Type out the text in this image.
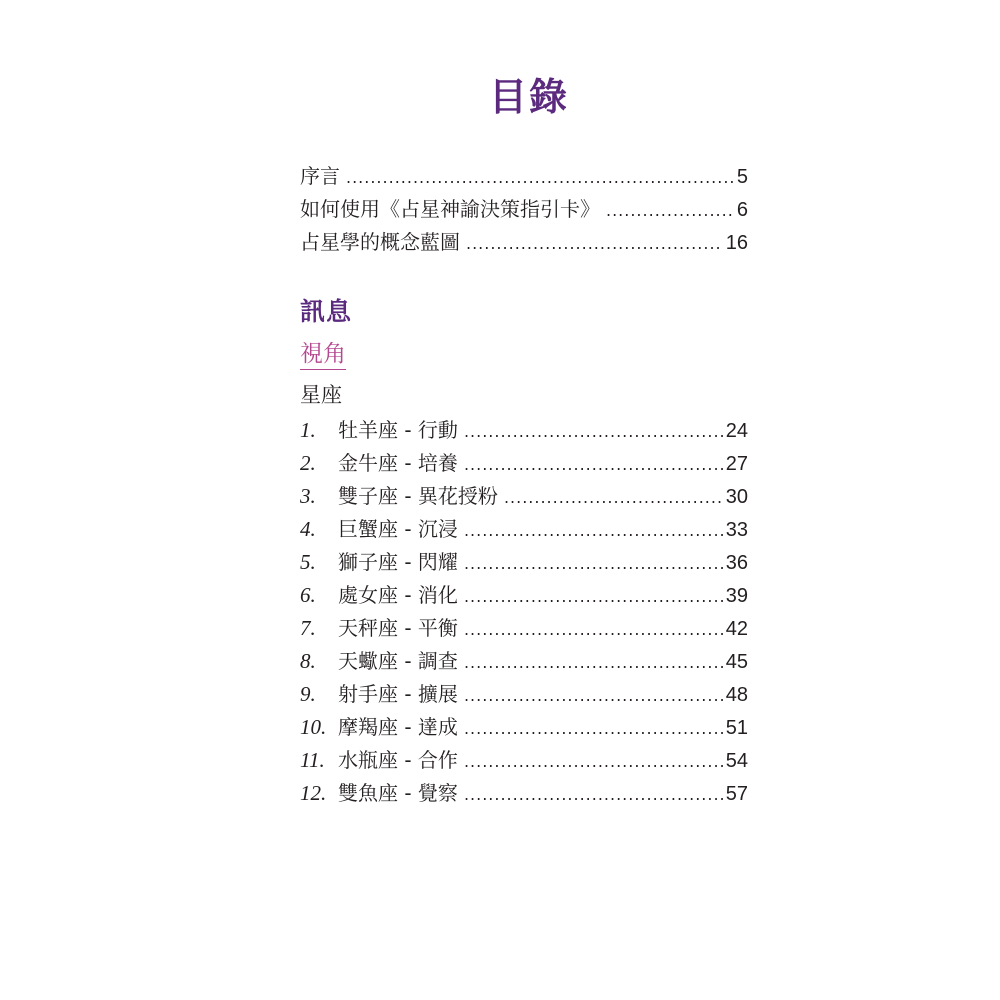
目錄
序言 .....	5
如何使用《占星神諭決策指引卡》 .....	6
占星學的概念藍圖 .....	16
訊息
視角
星座
1.	牡羊座 - 行動 .....	24
2.	金牛座 - 培養 .....	27
3.	雙子座 - 異花授粉 .....	30
4.	巨蟹座 - 沉浸 .....	33
5.	獅子座 - 閃耀 .....	36
6.	處女座 - 消化 .....	39
7.	天秤座 - 平衡 .....	42
8.	天蠍座 - 調查 .....	45
9.	射手座 - 擴展 .....	48
10. 摩羯座 - 達成 .....	51
11. 水瓶座 - 合作 .....	54
12. 雙魚座 - 覺察 .....	57
